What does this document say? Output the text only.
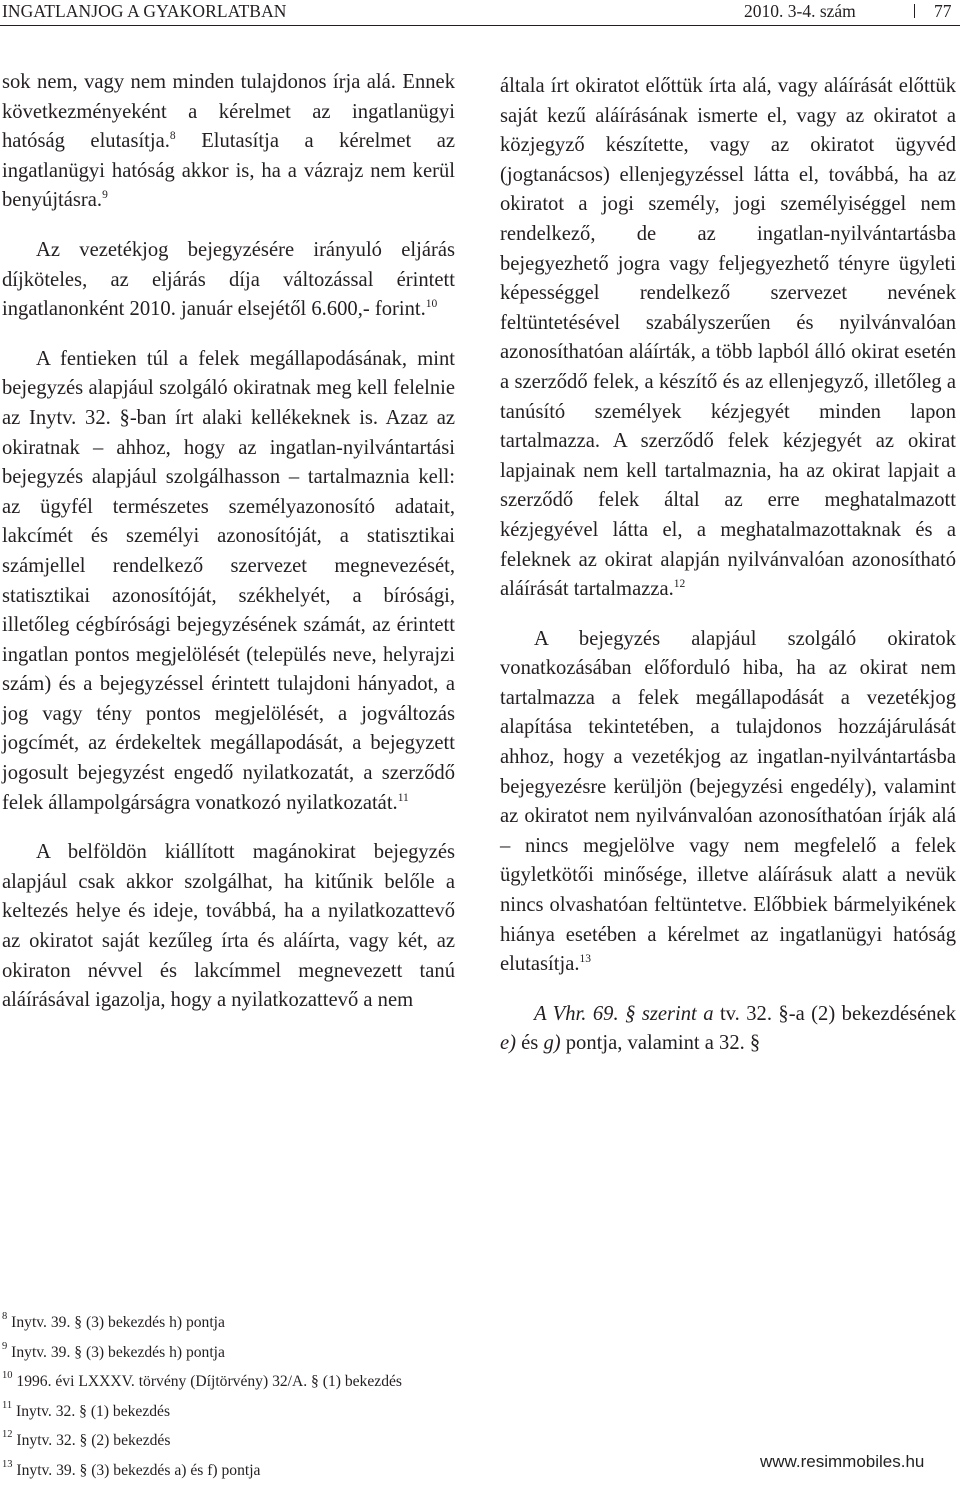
INGATLANJOG A GYAKORLATBAN	2010. 3-4. szám	77

sok nem, vagy nem minden tulajdonos írja alá. Ennek következményeként a kérelmet az ingatlanügyi hatóság elutasítja.$^8$ Elutasítja a kérelmet az ingatlanügyi hatóság akkor is, ha a vázrajz nem kerül benyújtásra.$^9$

Az vezetékjog bejegyzésére irányuló eljárás díjköteles, az eljárás díja változással érintett ingatlanonként 2010. január elsejétől 6.600,- forint.$^{10}$

A fentieken túl a felek megállapodásának, mint bejegyzés alapjául szolgáló okiratnak meg kell felelnie az Inytv. 32. §-ban írt alaki kellékeknek is. Azaz az okiratnak – ahhoz, hogy az ingatlan-nyilvántartási bejegyzés alapjául szolgálhasson – tartalmaznia kell: az ügyfél természetes személyazonosító adatait, lakcímét és személyi azonosítóját, a statisztikai számjellel rendelkező szervezet megnevezését, statisztikai azonosítóját, székhelyét, a bírósági, illetőleg cégbírósági bejegyzésének számát, az érintett ingatlan pontos megjelölését (település neve, helyrajzi szám) és a bejegyzéssel érintett tulajdoni hányadot, a jog vagy tény pontos megjelölését, a jogváltozás jogcímét, az érdekeltek megállapodását, a bejegyzett jogosult bejegyzést engedő nyilatkozatát, a szerződő felek állampolgárságra vonatkozó nyilatkozatát.$^{11}$

A belföldön kiállított magánokirat bejegyzés alapjául csak akkor szolgálhat, ha kitűnik belőle a keltezés helye és ideje, továbbá, ha a nyilatkozattevő az okiratot saját kezűleg írta és aláírta, vagy két, az okiraton névvel és lakcímmel megnevezett tanú aláírásával igazolja, hogy a nyilatkozattevő a nem

általa írt okiratot előttük írta alá, vagy aláírását előttük saját kezű aláírásának ismerte el, vagy az okiratot a közjegyző készítette, vagy az okiratot ügyvéd (jogtanácsos) ellenjegyzéssel látta el, továbbá, ha az okiratot a jogi személy, jogi személyiséggel nem rendelkező, de az ingatlan-nyilvántartásba bejegyezhető jogra vagy feljegyezhető tényre ügyleti képességgel rendelkező szervezet nevének feltüntetésével szabályszerűen és nyilvánvalóan azonosíthatóan aláírták, a több lapból álló okirat esetén a szerződő felek, a készítő és az ellenjegyző, illetőleg a tanúsító személyek kézjegyét minden lapon tartalmazza. A szerződő felek kézjegyét az okirat lapjainak nem kell tartalmaznia, ha az okirat lapjait a szerződő felek által az erre meghatalmazott kézjegyével látta el, a meghatalmazottaknak és a feleknek az okirat alapján nyilvánvalóan azonosítható aláírását tartalmazza.$^{12}$

A bejegyzés alapjául szolgáló okiratok vonatkozásában előforduló hiba, ha az okirat nem tartalmazza a felek megállapodását a vezetékjog alapítása tekintetében, a tulajdonos hozzájárulását ahhoz, hogy a vezetékjog az ingatlan-nyilvántartásba bejegyezésre kerüljön (bejegyzési engedély), valamint az okiratot nem nyilvánvalóan azonosíthatóan írják alá – nincs megjelölve vagy nem megfelelő a felek ügyletkötői minősége, illetve aláírásuk alatt a nevük nincs olvashatóan feltüntetve. Előbbiek bármelyikének hiánya esetében a kérelmet az ingatlanügyi hatóság elutasítja.$^{13}$

A Vhr. 69. § szerint a tv. 32. §-a (2) bekezdésének e) és g) pontja, valamint a 32. §

$^8$ Inytv. 39. § (3) bekezdés h) pontja
$^9$ Inytv. 39. § (3) bekezdés h) pontja
$^{10}$ 1996. évi LXXXV. törvény (Díjtörvény) 32/A. § (1) bekezdés
$^{11}$ Inytv. 32. § (1) bekezdés
$^{12}$ Inytv. 32. § (2) bekezdés
$^{13}$ Inytv. 39. § (3) bekezdés a) és f) pontja	www.resimmobiles.hu
